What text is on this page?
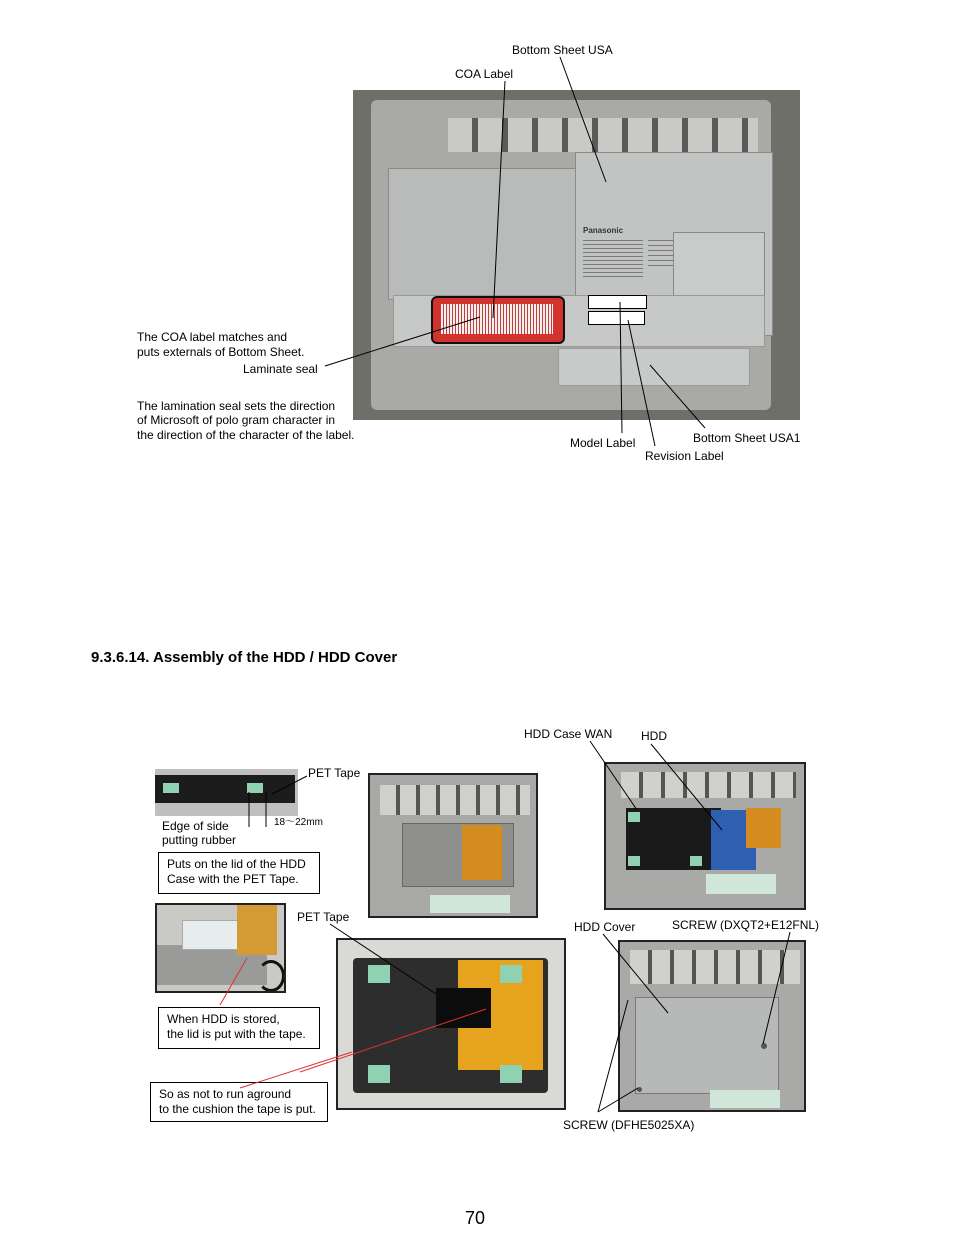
Panasonic
Bottom Sheet USA
COA Label
The COA label matches and
puts externals of Bottom Sheet.
Laminate seal
The lamination seal sets the direction
of Microsoft of polo gram character in
the direction of the character of the label.
Model Label
Revision Label
Bottom Sheet USA1
9.3.6.14. Assembly of the HDD / HDD Cover
PET Tape
Edge of side
putting rubber
18～22mm
Puts on the lid of the HDD
Case with the PET Tape.
PET Tape
When HDD is stored,
the lid is put with the tape.
So as not to run aground
to the cushion the tape is put.
HDD Case WAN HDD
HDD Cover	SCREW (DXQT2+E12FNL)
SCREW (DFHE5025XA)
70
